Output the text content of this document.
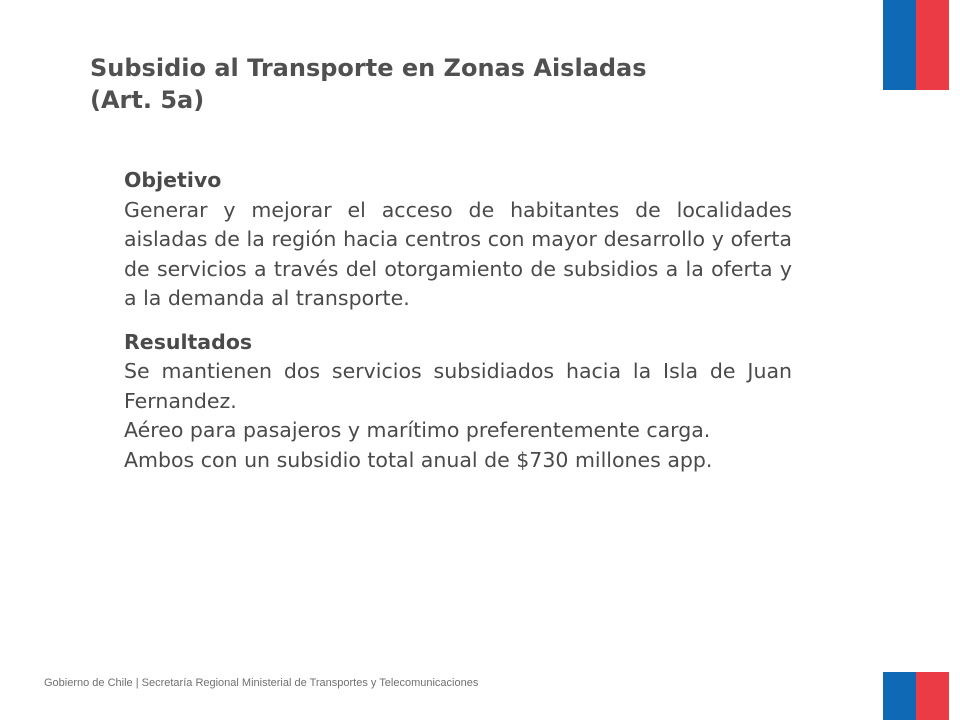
Subsidio al Transporte en Zonas Aisladas
(Art. 5a)
Objetivo
Generar y mejorar el acceso de habitantes de localidades aisladas de la región hacia centros con mayor desarrollo y oferta de servicios a través del otorgamiento de subsidios a la oferta y a la demanda al transporte.
Resultados
Se mantienen dos servicios subsidiados hacia la Isla de Juan Fernandez.
Aéreo para pasajeros y marítimo preferentemente carga.
Ambos con un subsidio total anual de $730 millones app.
Gobierno de Chile | Secretaría Regional Ministerial de Transportes y Telecomunicaciones
